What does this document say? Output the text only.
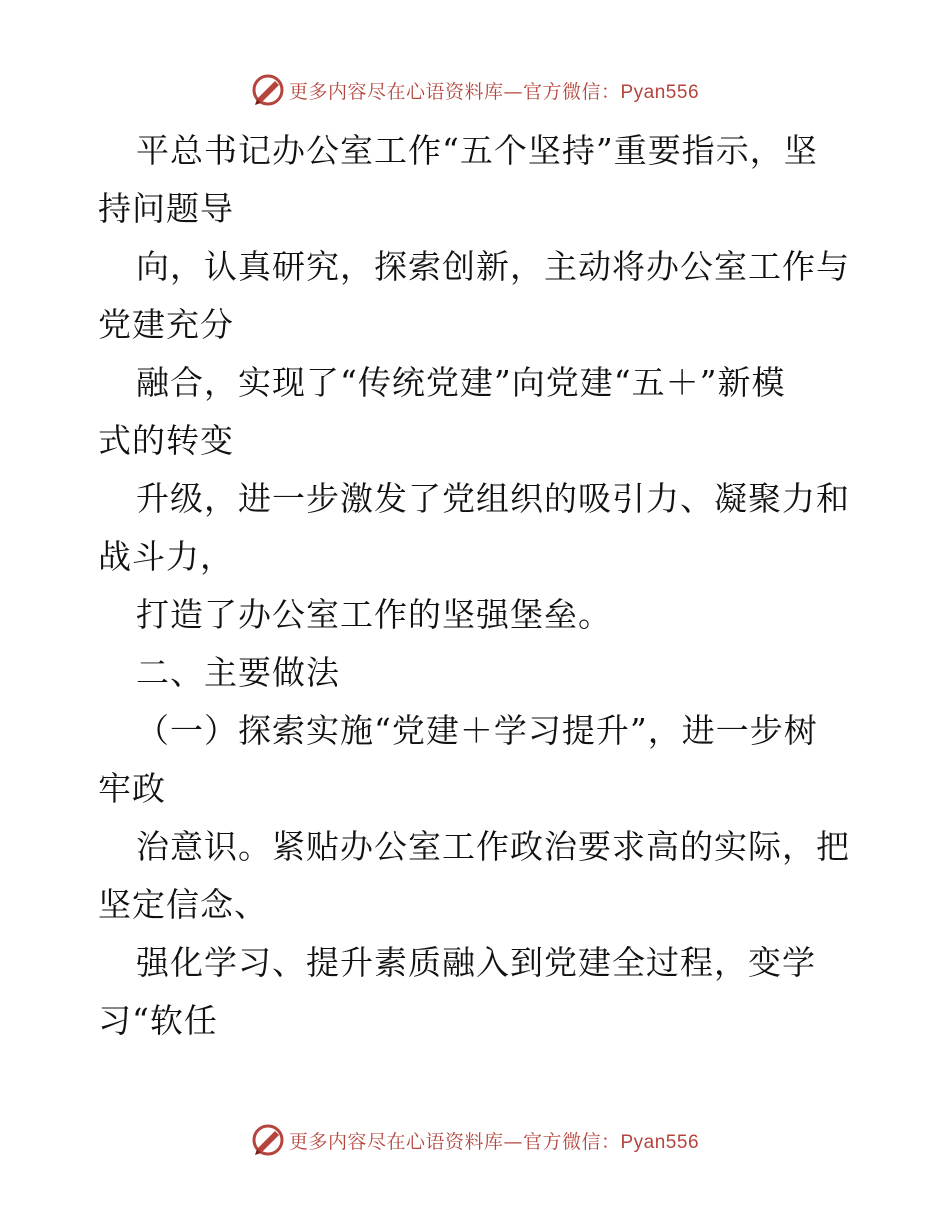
更多内容尽在心语资料库—官方微信：Pyan556
平总书记办公室工作“五个坚持”重要指示，坚
持问题导
向，认真研究，探索创新，主动将办公室工作与
党建充分
融合，实现了“传统党建”向党建“五＋”新模
式的转变
升级，进一步激发了党组织的吸引力、凝聚力和
战斗力，
打造了办公室工作的坚强堡垒。
二、主要做法
（一）探索实施“党建＋学习提升”，进一步树
牢政
治意识。紧贴办公室工作政治要求高的实际，把
坚定信念、
强化学习、提升素质融入到党建全过程，变学
习“软任
更多内容尽在心语资料库—官方微信：Pyan556
